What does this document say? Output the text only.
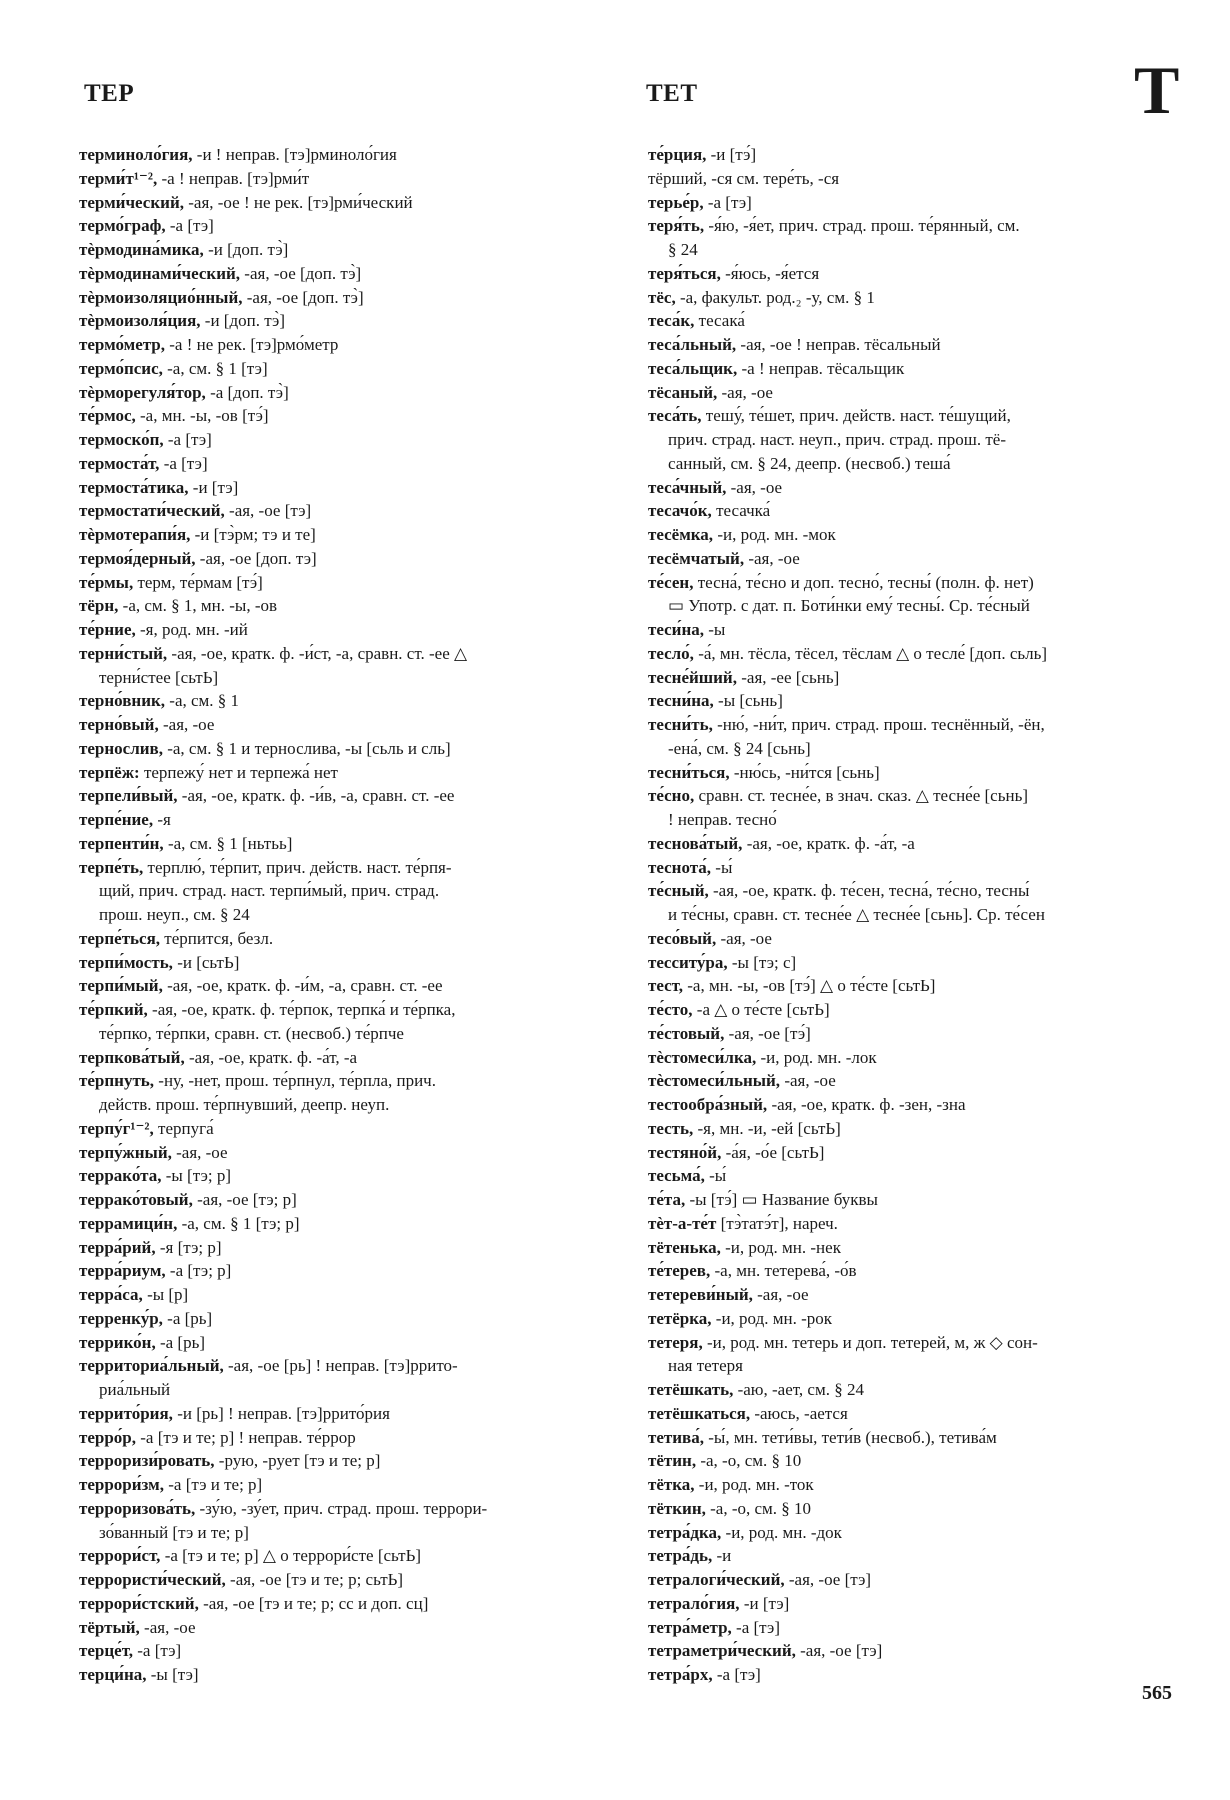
ТЕР	ТЕТ	Т
терминоло́гия, -и ! неправ. [тэ]рминоло́гия
терми́т¹⁻², -а ! неправ. [тэ]рми́т
терми́ческий, -ая, -ое ! не рек. [тэ]рми́ческий
термо́граф, -а [тэ]
тѐрмодина́мика, -и [доп. тэ̀]
тѐрмодинами́ческий, -ая, -ое [доп. тэ̀]
тѐрмоизоляцио́нный, -ая, -ое [доп. тэ̀]
тѐрмоизоля́ция, -и [доп. тэ̀]
термо́метр, -а ! не рек. [тэ]рмо́метр
термо́псис, -а, см. § 1 [тэ]
тѐрморегуля́тор, -а [доп. тэ̀]
те́рмос, -а, мн. -ы, -ов [тэ́]
термоско́п, -а [тэ]
термоста́т, -а [тэ]
термоста́тика, -и [тэ]
термостати́ческий, -ая, -ое [тэ]
тѐрмотерапи́я, -и [тэ̀рм; тэ и те]
термоя́дерный, -ая, -ое [доп. тэ]
те́рмы, терм, те́рмам [тэ́]
тёрн, -а, см. § 1, мн. -ы, -ов
те́рние, -я, род. мн. -ий
терни́стый, -ая, -ое, кратк. ф. -и́ст, -а, сравн. ст. -ее △
терни́стее [сьтЬ]
терно́вник, -а, см. § 1
терно́вый, -ая, -ое
тернослив, -а, см. § 1 и тернослива, -ы [сьль и сль]
терпёж: терпежу́ нет и терпежа́ нет
терпели́вый, -ая, -ое, кратк. ф. -и́в, -а, сравн. ст. -ее
терпе́ние, -я
терпенти́н, -а, см. § 1 [ньтьь]
терпе́ть, терплю́, те́рпит, прич. действ. наст. те́рпя-
щий, прич. страд. наст. терпи́мый, прич. страд.
прош. неуп., см. § 24
терпе́ться, те́рпится, безл.
терпи́мость, -и [сьтЬ]
терпи́мый, -ая, -ое, кратк. ф. -и́м, -а, сравн. ст. -ее
те́рпкий, -ая, -ое, кратк. ф. те́рпок, терпка́ и те́рпка,
те́рпко, те́рпки, сравн. ст. (несвоб.) те́рпче
терпкова́тый, -ая, -ое, кратк. ф. -а́т, -а
те́рпнуть, -ну, -нет, прош. те́рпнул, те́рпла, прич.
действ. прош. те́рпнувший, деепр. неуп.
терпу́г¹⁻², терпуга́
терпу́жный, -ая, -ое
террако́та, -ы [тэ; р]
террако́товый, -ая, -ое [тэ; р]
террамици́н, -а, см. § 1 [тэ; р]
терра́рий, -я [тэ; р]
терра́риум, -а [тэ; р]
терра́са, -ы [р]
терренку́р, -а [рь]
террико́н, -а [рь]
территориа́льный, -ая, -ое [рь] ! неправ. [тэ]ррито-
риа́льный
террито́рия, -и [рь] ! неправ. [тэ]ррито́рия
терро́р, -а [тэ и те; р] ! неправ. те́ррор
терроризи́ровать, -рую, -рует [тэ и те; р]
террори́зм, -а [тэ и те; р]
терроризова́ть, -зу́ю, -зу́ет, прич. страд. прош. террори-
зо́ванный [тэ и те; р]
террори́ст, -а [тэ и те; р] △ о террори́сте [сьтЬ]
террористи́ческий, -ая, -ое [тэ и те; р; сьтЬ]
террори́стский, -ая, -ое [тэ и те; р; сс и доп. сц]
тёртый, -ая, -ое
терце́т, -а [тэ]
терци́на, -ы [тэ]
те́рция, -и [тэ́]
тёрший, -ся см. тере́ть, -ся
терье́р, -а [тэ]
теря́ть, -я́ю, -я́ет, прич. страд. прош. те́рянный, см.
§ 24
теря́ться, -я́юсь, -я́ется
тёс, -а, факульт. род.₂ -у, см. § 1
теса́к, тесака́
теса́льный, -ая, -ое ! неправ. тёсальный
теса́льщик, -а ! неправ. тёсальщик
тёсаный, -ая, -ое
теса́ть, тешу́, те́шет, прич. действ. наст. те́шущий,
прич. страд. наст. неуп., прич. страд. прош. тё-
санный, см. § 24, деепр. (несвоб.) теша́
теса́чный, -ая, -ое
тесачо́к, тесачка́
тесёмка, -и, род. мн. -мок
тесёмчатый, -ая, -ое
те́сен, тесна́, те́сно и доп. тесно́, тесны́ (полн. ф. нет)
▭ Употр. с дат. п. Боти́нки ему́ тесны́. Ср. те́сный
теси́на, -ы
тесло́, -а́, мн. тёсла, тёсел, тёслам △ о тесле́ [доп. сьль]
тесне́йший, -ая, -ее [сьнь]
тесни́на, -ы [сьнь]
тесни́ть, -ню́, -ни́т, прич. страд. прош. теснённый, -ён,
-ена́, см. § 24 [сьнь]
тесни́ться, -ню́сь, -ни́тся [сьнь]
те́сно, сравн. ст. тесне́е, в знач. сказ. △ тесне́е [сьнь]
! неправ. тесно́
теснова́тый, -ая, -ое, кратк. ф. -а́т, -а
теснота́, -ы́
те́сный, -ая, -ое, кратк. ф. те́сен, тесна́, те́сно, тесны́
и те́сны, сравн. ст. тесне́е △ тесне́е [сьнь]. Ср. те́сен
тесо́вый, -ая, -ое
теcситу́ра, -ы [тэ; с]
тест, -а, мн. -ы, -ов [тэ́] △ о те́сте [сьтЬ]
те́сто, -а △ о те́сте [сьтЬ]
те́стовый, -ая, -ое [тэ́]
тѐстомеси́лка, -и, род. мн. -лок
тѐстомеси́льный, -ая, -ое
тестообра́зный, -ая, -ое, кратк. ф. -зен, -зна
тесть, -я, мн. -и, -ей [сьтЬ]
тестяно́й, -а́я, -о́е [сьтЬ]
тесьма́, -ы́
те́та, -ы [тэ́] ▭ Название буквы
тѐт-а-те́т [тэ̀татэ́т], нареч.
тётенька, -и, род. мн. -нек
те́терев, -а, мн. тетерева́, -о́в
тетереви́ный, -ая, -ое
тетёрка, -и, род. мн. -рок
тетеря, -и, род. мн. тетерь и доп. тетерей, м, ж ◇ сон-
ная тетеря
тетёшкать, -аю, -ает, см. § 24
тетёшкаться, -аюсь, -ается
тетива́, -ы́, мн. тети́вы, тети́в (несвоб.), тетива́м
тётин, -а, -о, см. § 10
тётка, -и, род. мн. -ток
тёткин, -а, -о, см. § 10
тетра́дка, -и, род. мн. -док
тетра́дь, -и
тетралоги́ческий, -ая, -ое [тэ]
тетрало́гия, -и [тэ]
тетра́метр, -а [тэ]
тетраметри́ческий, -ая, -ое [тэ]
тетра́рх, -а [тэ]
565
